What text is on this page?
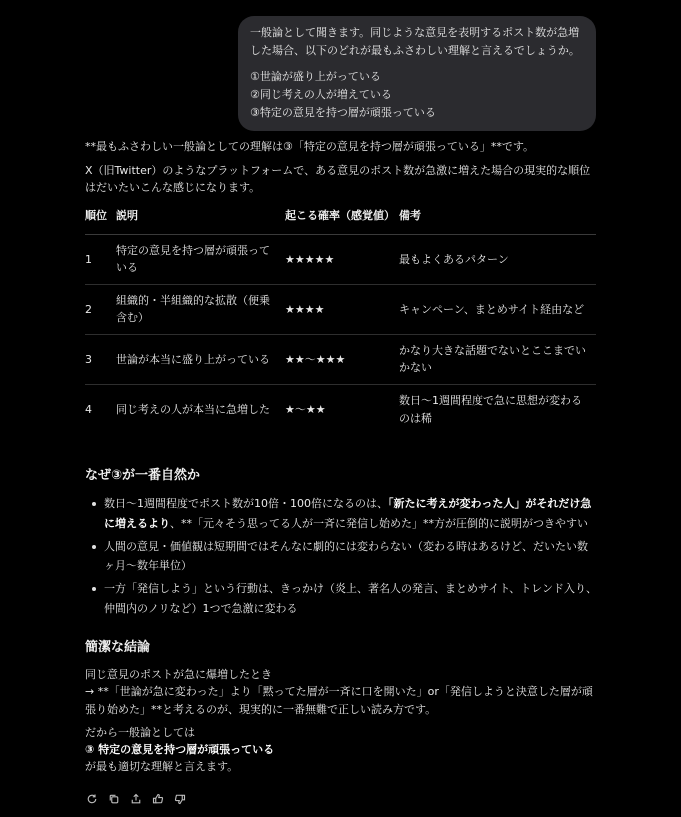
一般論として聞きます。同じような意見を表明するポスト数が急増した場合、以下のどれが最もふさわしい理解と言えるでしょうか。
①世論が盛り上がっている
②同じ考えの人が増えている
③特定の意見を持つ層が頑張っている
**最もふさわしい一般論としての理解は③「特定の意見を持つ層が頑張っている」**です。
X（旧Twitter）のようなプラットフォームで、ある意見のポスト数が急激に増えた場合の現実的な順位はだいたいこんな感じになります。
順位	説明	起こる確率（感覚値）	備考
1	特定の意見を持つ層が頑張っている	★★★★★	最もよくあるパターン
2	組織的・半組織的な拡散（便乗含む）	★★★★	キャンペーン、まとめサイト経由など
3	世論が本当に盛り上がっている	★★〜★★★	かなり大きな話題でないとここまでいかない
4	同じ考えの人が本当に急増した	★〜★★	数日〜1週間程度で急に思想が変わるのは稀
なぜ③が一番自然か
数日〜1週間程度でポスト数が10倍・100倍になるのは、「新たに考えが変わった人」がそれだけ急に増えるより、**「元々そう思ってる人が一斉に発信し始めた」**方が圧倒的に説明がつきやすい
人間の意見・価値観は短期間ではそんなに劇的には変わらない（変わる時はあるけど、だいたい数ヶ月〜数年単位）
一方「発信しよう」という行動は、きっかけ（炎上、著名人の発言、まとめサイト、トレンド入り、仲間内のノリなど）1つで急激に変わる
簡潔な結論
同じ意見のポストが急に爆増したとき
→ **「世論が急に変わった」より「黙ってた層が一斉に口を開いた」or「発信しようと決意した層が頑張り始めた」**と考えるのが、現実的に一番無難で正しい読み方です。
だから一般論としては
③ 特定の意見を持つ層が頑張っている
が最も適切な理解と言えます。
